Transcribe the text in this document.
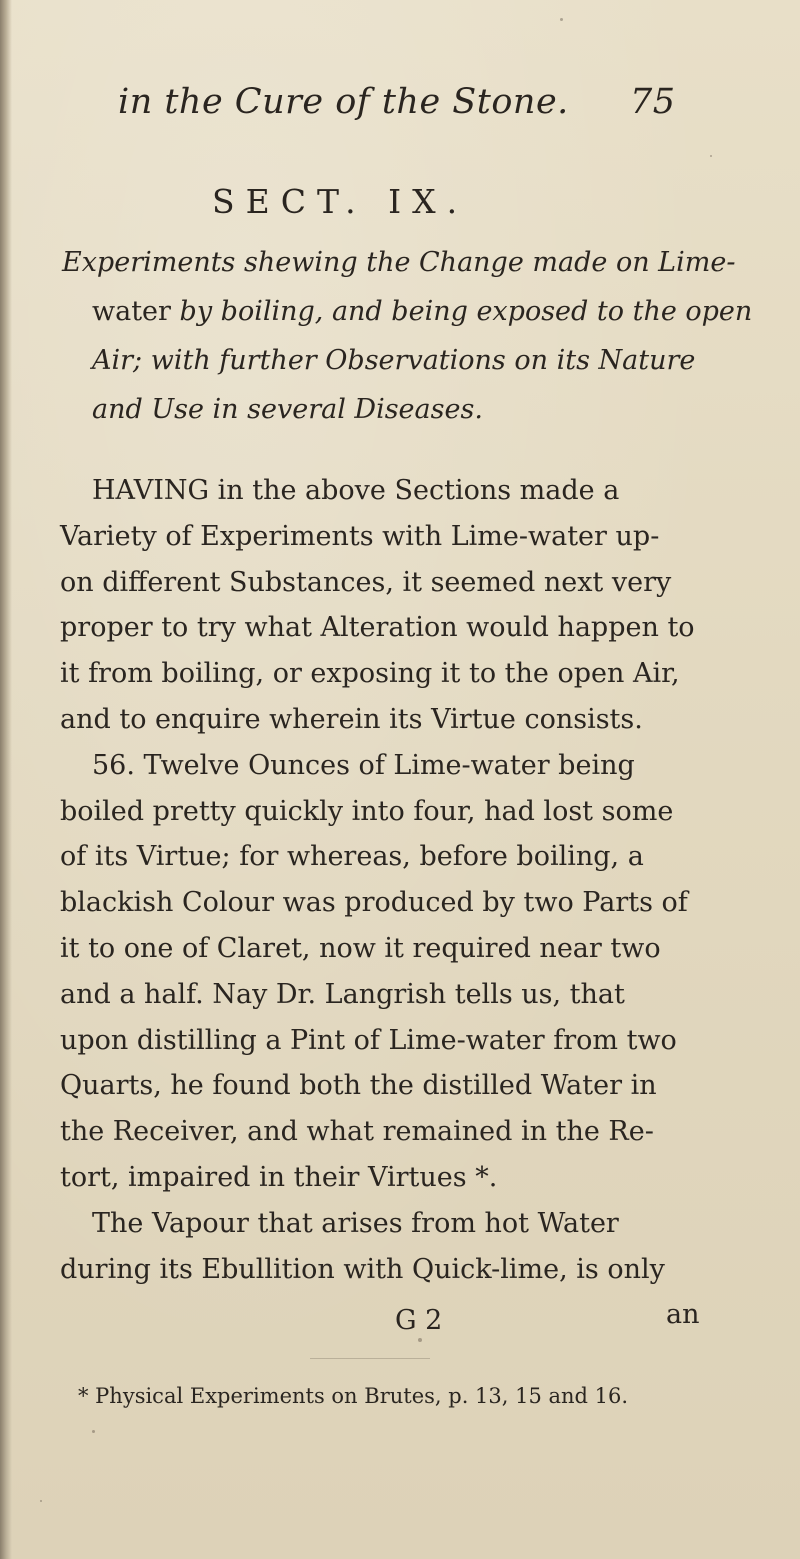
in the Cure of the Stone. 75
SECT. IX.
Experiments shewing the Change made on Lime-
water by boiling, and being exposed to the open
Air; with further Observations on its Nature
and Use in several Diseases.
HAVING in the above Sections made a
Variety of Experiments with Lime-water up-
on different Substances, it seemed next very
proper to try what Alteration would happen to
it from boiling, or exposing it to the open Air,
and to enquire wherein its Virtue consists.
56. Twelve Ounces of Lime-water being
boiled pretty quickly into four, had lost some
of its Virtue; for whereas, before boiling, a
blackish Colour was produced by two Parts of
it to one of Claret, now it required near two
and a half. Nay Dr. Langrish tells us, that
upon distilling a Pint of Lime-water from two
Quarts, he found both the distilled Water in
the Receiver, and what remained in the Re-
tort, impaired in their Virtues *.
The Vapour that arises from hot Water
during its Ebullition with Quick-lime, is only
G 2	an
* Physical Experiments on Brutes, p. 13, 15 and 16.
